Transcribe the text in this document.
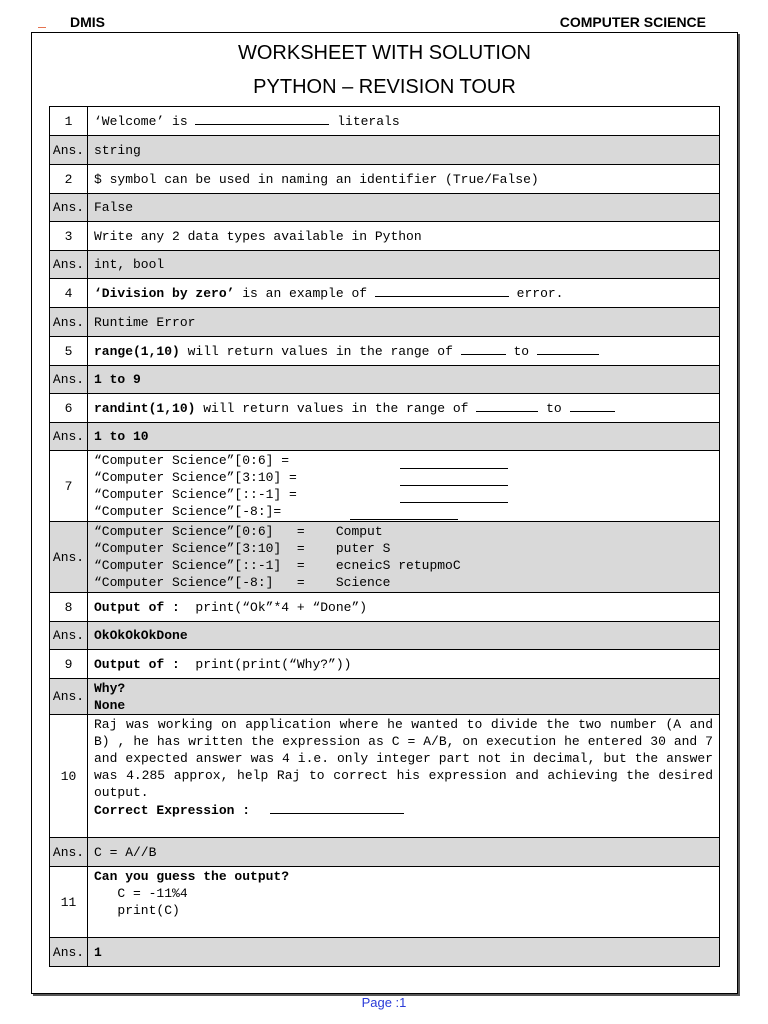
DMIS	COMPUTER SCIENCE
WORKSHEET WITH SOLUTION
PYTHON – REVISION TOUR
1	‘Welcome’ is literals
Ans.	string
2	$ symbol can be used in naming an identifier (True/False)
Ans.	False
3	Write any 2 data types available in Python
Ans.	int, bool
4	‘Division by zero’ is an example of error.
Ans.	Runtime Error
5	range(1,10) will return values in the range of to
Ans.	1 to 9
6	randint(1,10) will return values in the range of to
Ans.	1 to 10
7	“Computer Science”[0:6] =
“Computer Science”[3:10] =
“Computer Science”[::-1] =
“Computer Science”[-8:]=

Ans.	“Computer Science”[0:6]   =    Comput
“Computer Science”[3:10]  =    puter S
“Computer Science”[::-1]  =    ecneicS retupmoC
“Computer Science”[-8:]   =    Science

8	Output of :  print(“Ok”*4 + “Done”)
Ans.	OkOkOkOkDone
9	Output of :  print(print(“Why?”))
Ans.	Why?
None

10	Raj was working on application where he wanted to divide the two number (A and B) , he has written the expression as C = A/B, on execution he entered 30 and 7 and expected answer was 4 i.e. only integer part not in decimal, but the answer was 4.285 approx, help Raj to correct his expression and achieving the desired output.
Correct Expression :

Ans.	C = A//B
11	Can you guess the output?
C = -11%4
print(C)

Ans.	1
Page :1
